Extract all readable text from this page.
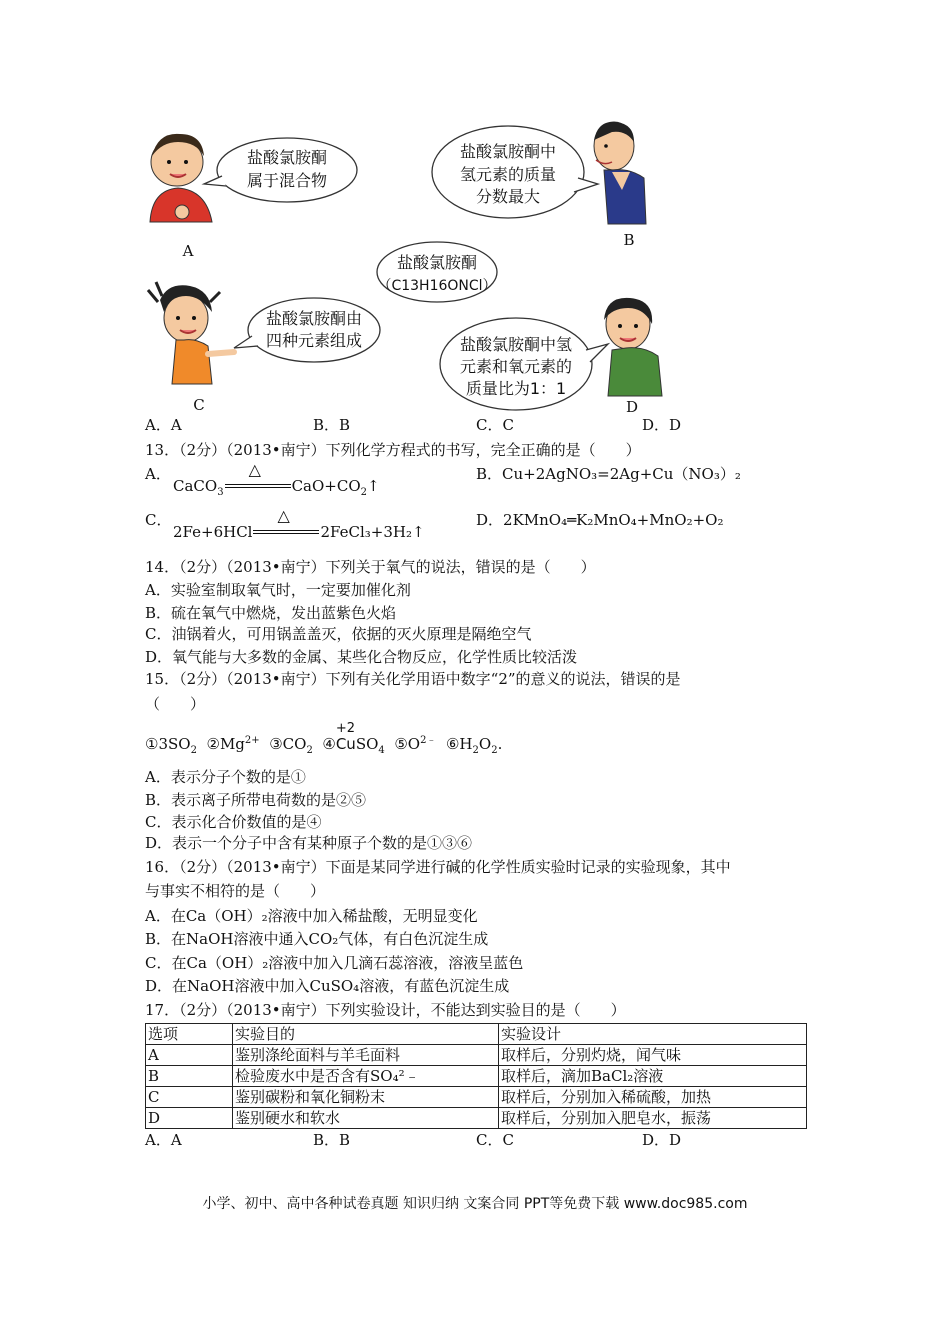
盐酸氯胺酮
属于混合物
A
盐酸氯胺酮中
氢元素的质量
分数最大
B
盐酸氯胺酮
（C13H16ONCl）
盐酸氯胺酮由
四种元素组成
C
盐酸氯胺酮中氢
元素和氧元素的
质量比为1：1
D
A．A	B．B	C．C	D．D
13．（2分）（2013•南宁）下列化学方程式的书写，完全正确的是（　　）
A．
CaCO$_3$
△
$CaO+CO_2↑$
B．Cu+2AgNO₃=2Ag+Cu（NO₃）₂
C．
2Fe+6HCl
△
2FeCl₃+3H₂↑
D．2KMnO₄═K₂MnO₄+MnO₂+O₂
14．（2分）（2013•南宁）下列关于氧气的说法，错误的是（　　）
A．实验室制取氧气时，一定要加催化剂
B．硫在氧气中燃烧，发出蓝紫色火焰
C．油锅着火，可用锅盖盖灭，依据的灭火原理是隔绝空气
D．氧气能与大多数的金属、某些化合物反应，化学性质比较活泼
15．（2分）（2013•南宁）下列有关化学用语中数字“2”的意义的说法，错误的是
（　　）
$①3SO_2$ $②Mg^{2+}$ $③CO_2$ ④
+2
CuSO$_4$ $⑤O^{2﹣}$ $⑥H_2O_2$.
A．表示分子个数的是①
B．表示离子所带电荷数的是②⑤
C．表示化合价数值的是④
D．表示一个分子中含有某种原子个数的是①③⑥
16．（2分）（2013•南宁）下面是某同学进行碱的化学性质实验时记录的实验现象，其中
与事实不相符的是（　　）
A．在Ca（OH）₂溶液中加入稀盐酸，无明显变化
B．在NaOH溶液中通入CO₂气体，有白色沉淀生成
C．在Ca（OH）₂溶液中加入几滴石蕊溶液，溶液呈蓝色
D．在NaOH溶液中加入CuSO₄溶液，有蓝色沉淀生成
17．（2分）（2013•南宁）下列实验设计，不能达到实验目的是（　　）
选项	实验目的	实验设计
A	鉴别涤纶面料与羊毛面料	取样后，分别灼烧，闻气味
B	检验废水中是否含有SO₄²﹣	取样后，滴加BaCl₂溶液
C	鉴别碳粉和氧化铜粉末	取样后，分别加入稀硫酸，加热
D	鉴别硬水和软水	取样后，分别加入肥皂水，振荡
A．A	B．B	C．C	D．D
小学、初中、高中各种试卷真题 知识归纳 文案合同 PPT等免费下载 www.doc985.com
